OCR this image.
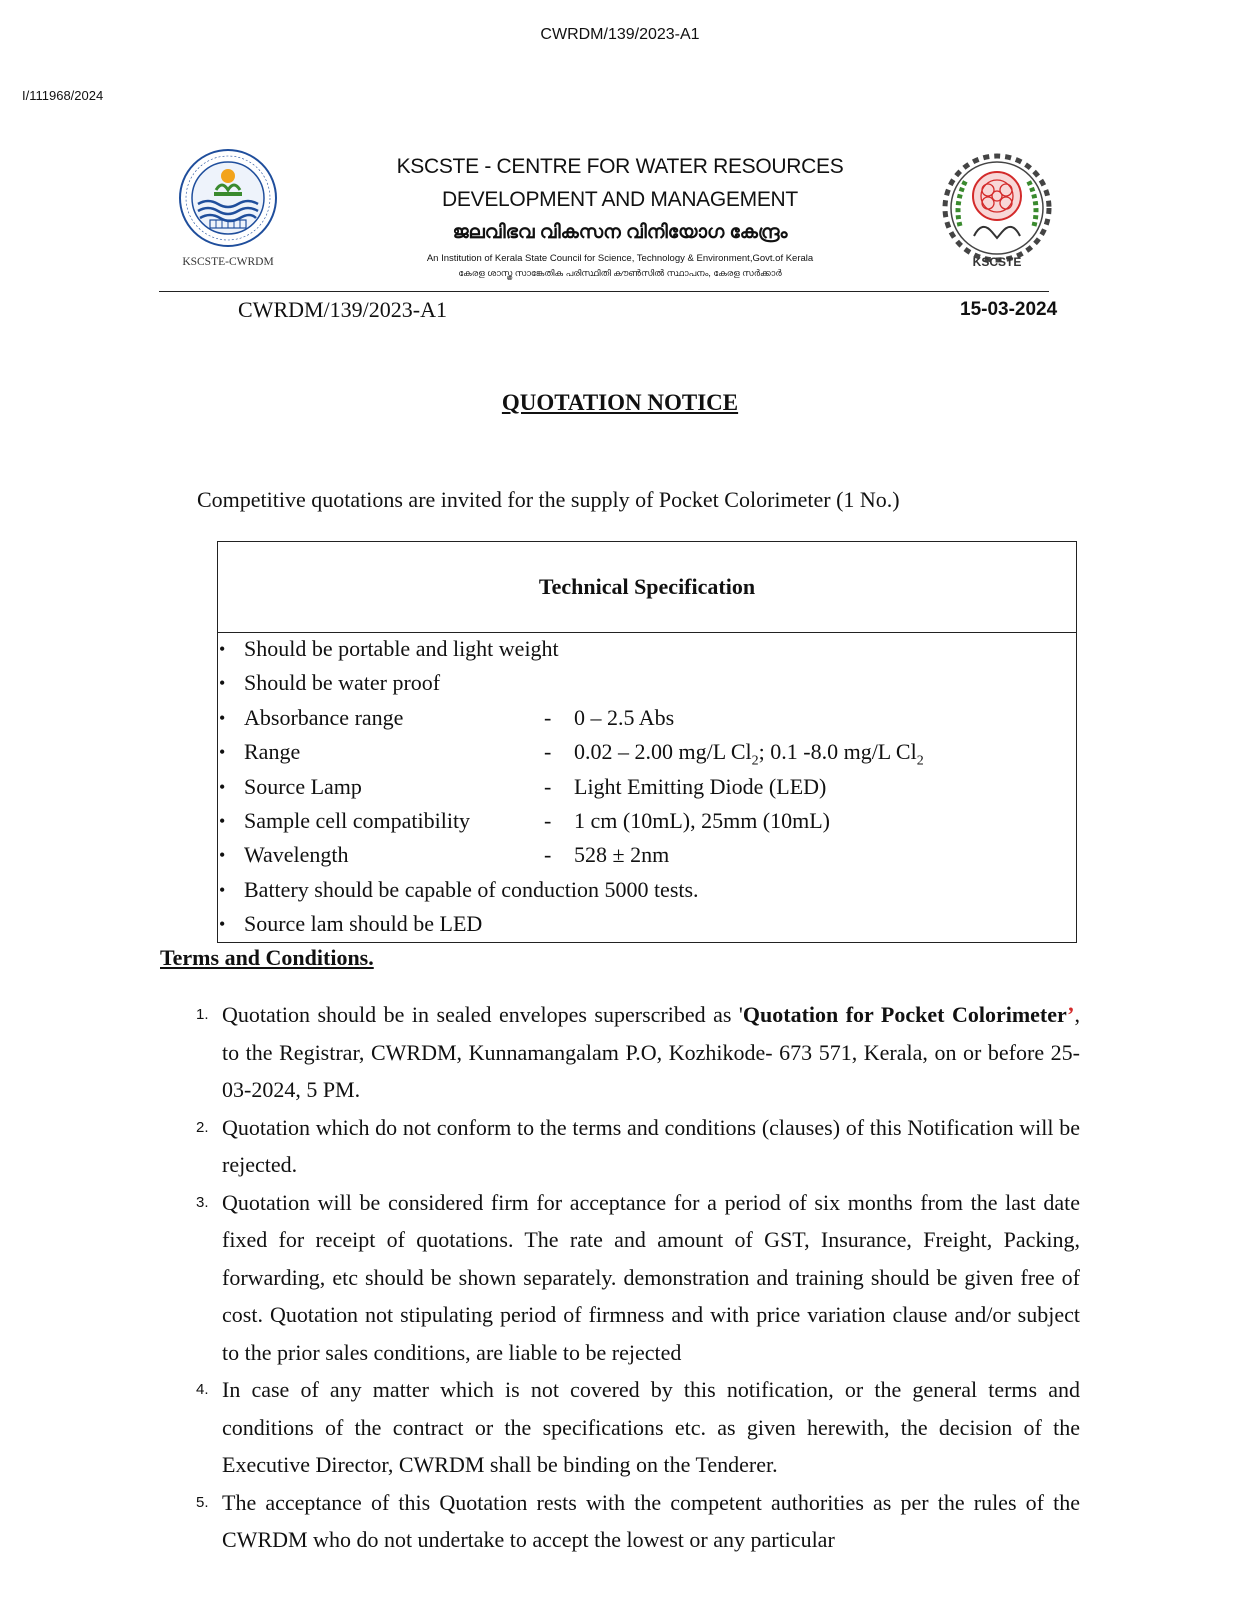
CWRDM/139/2023-A1
I/111968/2024
KSCSTE-CWRDM
KSCSTE - CENTRE FOR WATER RESOURCES
DEVELOPMENT AND MANAGEMENT
ജലവിഭവ വികസന വിനിയോഗ കേന്ദ്രം
An Institution of Kerala State Council for Science, Technology & Environment,Govt.of Kerala
കേരള ശാസ്ത്ര സാങ്കേതിക പരിസ്ഥിതി കൗൺസിൽ സ്ഥാപനം, കേരള സർക്കാർ
KSCSTE
CWRDM/139/2023-A1	15-03-2024
QUOTATION NOTICE
Competitive quotations are invited for the supply of Pocket Colorimeter (1 No.)
Technical Specification
• Should be portable and light weight
• Should be water proof
• Absorbance range	- 0 – 2.5 Abs
• Range	- 0.02 – 2.00 mg/L $Cl_2$; 0.1 -8.0 mg/L $Cl_2$
• Source Lamp	- Light Emitting Diode (LED)
• Sample cell compatibility	- 1 cm (10mL), 25mm (10mL)
• Wavelength	- 528 ± 2nm
• Battery should be capable of conduction 5000 tests.
• Source lam should be LED
Terms and Conditions.
1. Quotation should be in sealed envelopes superscribed as 'Quotation for Pocket Colorimeter’, to the Registrar, CWRDM, Kunnamangalam P.O, Kozhikode- 673 571, Kerala, on or before 25-03-2024, 5 PM.
2. Quotation which do not conform to the terms and conditions (clauses) of this Notification will be rejected.
3. Quotation will be considered firm for acceptance for a period of six months from the last date fixed for receipt of quotations. The rate and amount of GST, Insurance, Freight, Packing, forwarding, etc should be shown separately. demonstration and training should be given free of cost. Quotation not stipulating period of firmness and with price variation clause and/or subject to the prior sales conditions, are liable to be rejected
4. In case of any matter which is not covered by this notification, or the general terms and conditions of the contract or the specifications etc. as given herewith, the decision of the Executive Director, CWRDM shall be binding on the Tenderer.
5. The acceptance of this Quotation rests with the competent authorities as per the rules of the CWRDM who do not undertake to accept the lowest or any particular
